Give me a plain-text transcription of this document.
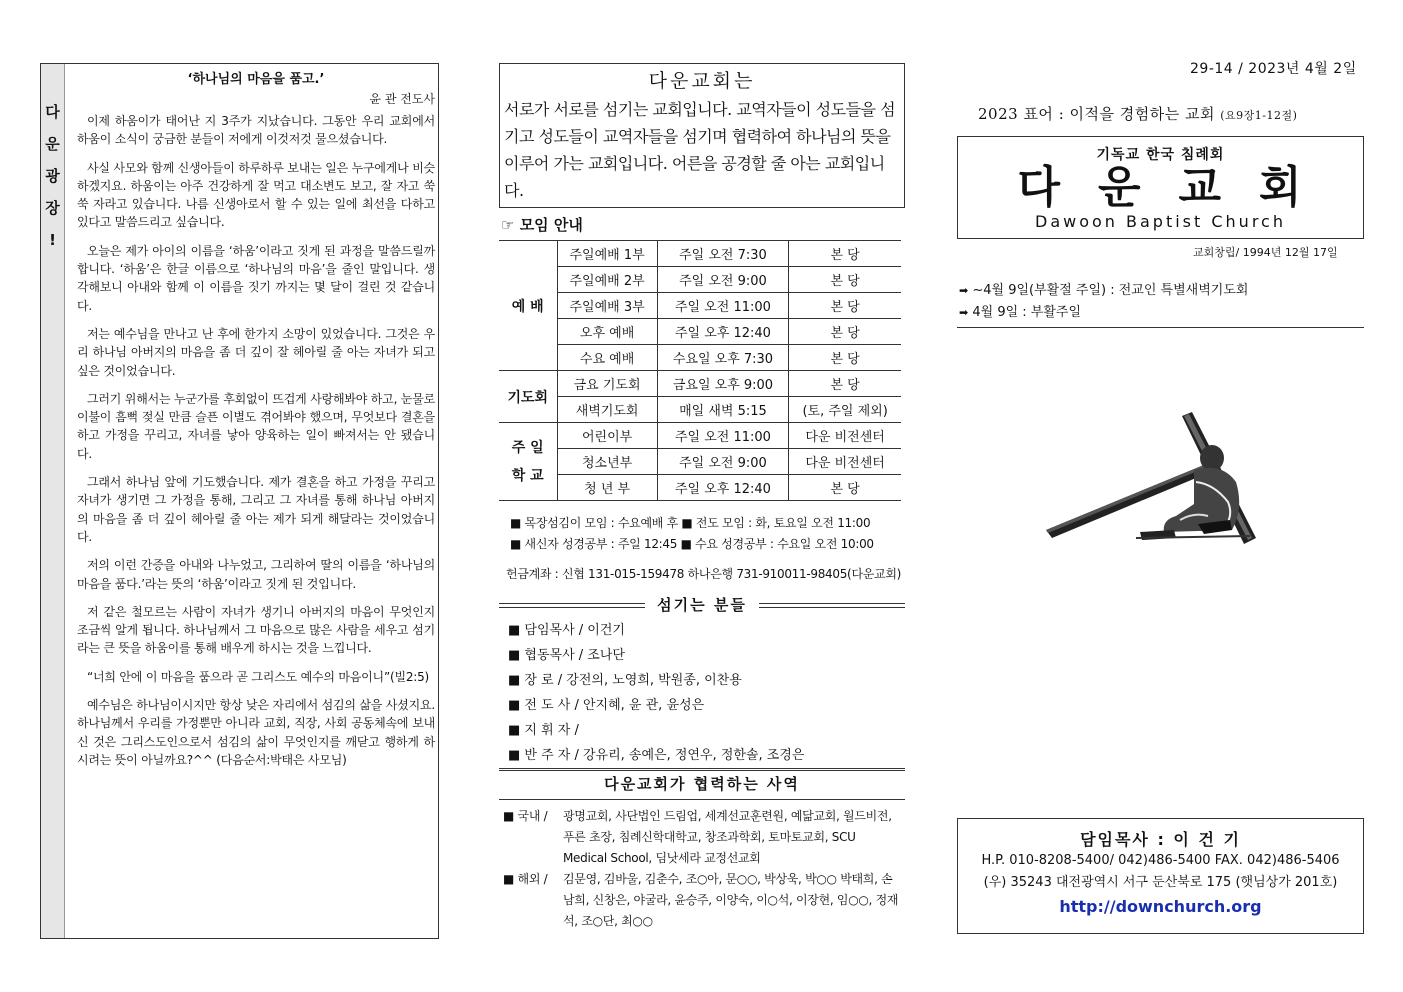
다
운
광
장
!
‘하나님의 마음을 품고.’
윤 관 전도사

이제 하움이가 태어난 지 3주가 지났습니다. 그동안 우리 교회에서 하움이 소식이 궁금한 분들이 저에게 이것저것 물으셨습니다.

사실 사모와 함께 신생아들이 하루하루 보내는 일은 누구에게나 비슷하겠지요. 하움이는 아주 건강하게 잘 먹고 대소변도 보고, 잘 자고 쑥쑥 자라고 있습니다. 나름 신생아로서 할 수 있는 일에 최선을 다하고 있다고 말씀드리고 싶습니다.

오늘은 제가 아이의 이름을 ‘하움’이라고 짓게 된 과정을 말씀드릴까 합니다. ‘하움’은 한글 이름으로 ‘하나님의 마음’을 줄인 말입니다. 생각해보니 아내와 함께 이 이름을 짓기 까지는 몇 달이 걸린 것 같습니다.

저는 예수님을 만나고 난 후에 한가지 소망이 있었습니다. 그것은 우리 하나님 아버지의 마음을 좀 더 깊이 잘 헤아릴 줄 아는 자녀가 되고 싶은 것이었습니다.

그러기 위해서는 누군가를 후회없이 뜨겁게 사랑해봐야 하고, 눈물로 이불이 흠뻑 젖실 만큼 슬픈 이별도 겪어봐야 했으며, 무엇보다 결혼을 하고 가정을 꾸리고, 자녀를 낳아 양육하는 일이 빠져서는 안 됐습니다.

그래서 하나님 앞에 기도했습니다. 제가 결혼을 하고 가정을 꾸리고 자녀가 생기면 그 가정을 통해, 그리고 그 자녀를 통해 하나님 아버지의 마음을 좀 더 깊이 헤아릴 줄 아는 제가 되게 해달라는 것이었습니다.

저의 이런 간증을 아내와 나누었고, 그리하여 딸의 이름을 ‘하나님의 마음을 품다.’라는 뜻의 ‘하움’이라고 짓게 된 것입니다.

저 같은 철모르는 사람이 자녀가 생기니 아버지의 마음이 무엇인지 조금씩 알게 됩니다. 하나님께서 그 마음으로 많은 사람을 세우고 섬기라는 큰 뜻을 하움이를 통해 배우게 하시는 것을 느낍니다.

“너희 안에 이 마음을 품으라 곧 그리스도 예수의 마음이니”(빌2:5)

예수님은 하나님이시지만 항상 낮은 자리에서 섬김의 삶을 사셨지요. 하나님께서 우리를 가정뿐만 아니라 교회, 직장, 사회 공동체속에 보내신 것은 그리스도인으로서 섬김의 삶이 무엇인지를 깨닫고 행하게 하시려는 뜻이 아닐까요?^^ (다음순서:박태은 사모님)

다운교회는
서로가 서로를 섬기는 교회입니다. 교역자들이 성도들을 섬기고 성도들이 교역자들을 섬기며 협력하여 하나님의 뜻을 이루어 가는 교회입니다. 어른을 공경할 줄 아는 교회입니다.
☞ 모임 안내
예 배	주일예배 1부	주일 오전 7:30	본 당
	주일예배 2부	주일 오전 9:00	본 당
	주일예배 3부	주일 오전 11:00	본 당
	오후 예배	주일 오후 12:40	본 당
	수요 예배	수요일 오후 7:30	본 당
기도회	금요 기도회	금요일 오후 9:00	본 당
	새벽기도회	매일 새벽 5:15	(토, 주일 제외)
주 일 학 교	어린이부	주일 오전 11:00	다운 비전센터
	청소년부	주일 오전 9:00	다운 비전센터
	청 년 부	주일 오후 12:40	본 당
■ 목장섬김이 모임 : 수요예배 후 ■ 전도 모임 : 화, 토요일 오전 11:00
■ 새신자 성경공부 : 주일 12:45 ■ 수요 성경공부 : 수요일 오전 10:00
헌금계좌 : 신협 131-015-159478 하나은행 731-910011-98405(다운교회)
섬기는 분들
■ 담임목사 / 이건기
■ 협동목사 / 조나단
■ 장 로 / 강전의, 노영희, 박원종, 이찬용
■ 전 도 사 / 안지혜, 윤 관, 윤성은
■ 지 휘 자 /
■ 반 주 자 / 강유리, 송예은, 정연우, 정한솔, 조경은
다운교회가 협력하는 사역
■ 국내 /	광명교회, 사단법인 드림업, 세계선교훈련원, 예닮교회, 월드비전, 푸른 초장, 침례신학대학교, 창조과학회, 토마토교회, SCU Medical School, 딤낫세라 교정선교회
■ 해외 /	김문영, 김바울, 김춘수, 조○아, 문○○, 박상욱, 박○○ 박태희, 손남희, 신창은, 야굴라, 윤승주, 이양숙, 이○석, 이장현, 임○○, 정재석, 조○단, 최○○
29-14 / 2023년 4월 2일
2023 표어 : 이적을 경험하는 교회 (요9장1-12절)
기독교 한국 침례회
다운교회
Dawoon Baptist Church
교회창립/ 1994년 12월 17일
➡ ~4월 9일(부활절 주일) : 전교인 특별새벽기도회
➡ 4월 9일 : 부활주일
담임목사 : 이 건 기
H.P. 010-8208-5400/ 042)486-5400 FAX. 042)486-5406
(우) 35243 대전광역시 서구 둔산북로 175 (햇님상가 201호)
http://downchurch.org
